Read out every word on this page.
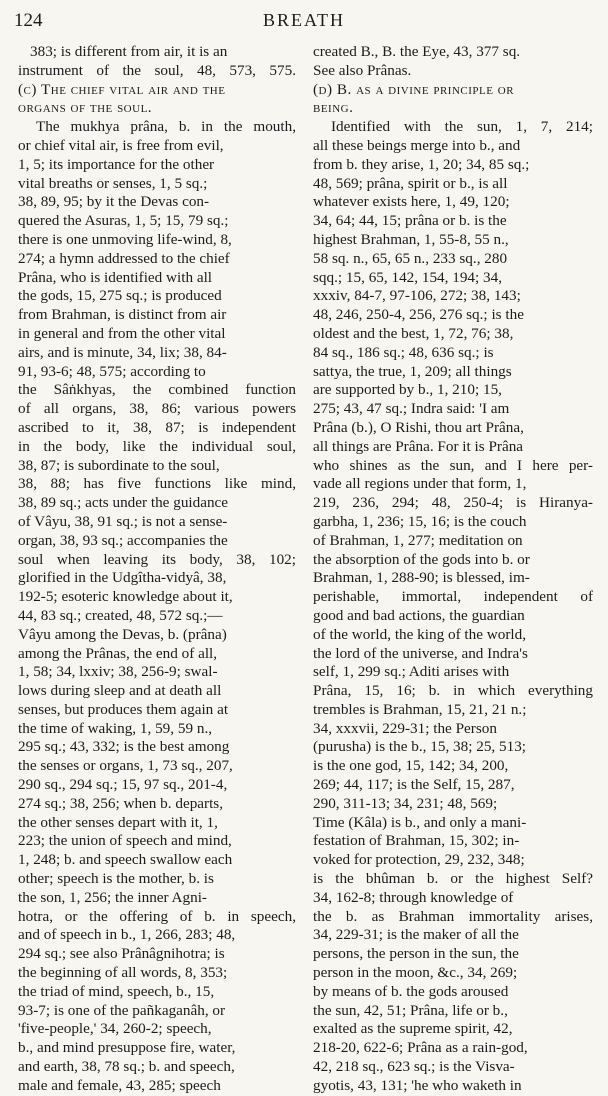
124	BREATH
383; is different from air, it is an
instrument of the soul, 48, 573, 575.
(c) The chief vital air and the
organs of the soul.
The mukhya prâna, b. in the mouth,
or chief vital air, is free from evil,
1, 5; its importance for the other
vital breaths or senses, 1, 5 sq.;
38, 89, 95; by it the Devas con-
quered the Asuras, 1, 5; 15, 79 sq.;
there is one unmoving life-wind, 8,
274; a hymn addressed to the chief
Prâna, who is identified with all
the gods, 15, 275 sq.; is produced
from Brahman, is distinct from air
in general and from the other vital
airs, and is minute, 34, lix; 38, 84-
91, 93-6; 48, 575; according to
the Sâṅkhyas, the combined function
of all organs, 38, 86; various powers
ascribed to it, 38, 87; is independent
in the body, like the individual soul,
38, 87; is subordinate to the soul,
38, 88; has five functions like mind,
38, 89 sq.; acts under the guidance
of Vâyu, 38, 91 sq.; is not a sense-
organ, 38, 93 sq.; accompanies the
soul when leaving its body, 38, 102;
glorified in the Udgîtha-vidyâ, 38,
192-5; esoteric knowledge about it,
44, 83 sq.; created, 48, 572 sq.;—
Vâyu among the Devas, b. (prâna)
among the Prânas, the end of all,
1, 58; 34, lxxiv; 38, 256-9; swal-
lows during sleep and at death all
senses, but produces them again at
the time of waking, 1, 59, 59 n.,
295 sq.; 43, 332; is the best among
the senses or organs, 1, 73 sq., 207,
290 sq., 294 sq.; 15, 97 sq., 201-4,
274 sq.; 38, 256; when b. departs,
the other senses depart with it, 1,
223; the union of speech and mind,
1, 248; b. and speech swallow each
other; speech is the mother, b. is
the son, 1, 256; the inner Agni-
hotra, or the offering of b. in speech,
and of speech in b., 1, 266, 283; 48,
294 sq.; see also Prânâgnihotra; is
the beginning of all words, 8, 353;
the triad of mind, speech, b., 15,
93-7; is one of the pañkaganâh, or
'five-people,' 34, 260-2; speech,
b., and mind presuppose fire, water,
and earth, 38, 78 sq.; b. and speech,
male and female, 43, 285; speech
created B., B. the Eye, 43, 377 sq.
See also Prânas.
(d) B. as a divine principle or
being.
Identified with the sun, 1, 7, 214;
all these beings merge into b., and
from b. they arise, 1, 20; 34, 85 sq.;
48, 569; prâna, spirit or b., is all
whatever exists here, 1, 49, 120;
34, 64; 44, 15; prâna or b. is the
highest Brahman, 1, 55-8, 55 n.,
58 sq. n., 65, 65 n., 233 sq., 280
sqq.; 15, 65, 142, 154, 194; 34,
xxxiv, 84-7, 97-106, 272; 38, 143;
48, 246, 250-4, 256, 276 sq.; is the
oldest and the best, 1, 72, 76; 38,
84 sq., 186 sq.; 48, 636 sq.; is
sattya, the true, 1, 209; all things
are supported by b., 1, 210; 15,
275; 43, 47 sq.; Indra said: 'I am
Prâna (b.), O Rishi, thou art Prâna,
all things are Prâna. For it is Prâna
who shines as the sun, and I here per-
vade all regions under that form, 1,
219, 236, 294; 48, 250-4; is Hiranya-
garbha, 1, 236; 15, 16; is the couch
of Brahman, 1, 277; meditation on
the absorption of the gods into b. or
Brahman, 1, 288-90; is blessed, im-
perishable, immortal, independent of
good and bad actions, the guardian
of the world, the king of the world,
the lord of the universe, and Indra's
self, 1, 299 sq.; Aditi arises with
Prâna, 15, 16; b. in which everything
trembles is Brahman, 15, 21, 21 n.;
34, xxxvii, 229-31; the Person
(purusha) is the b., 15, 38; 25, 513;
is the one god, 15, 142; 34, 200,
269; 44, 117; is the Self, 15, 287,
290, 311-13; 34, 231; 48, 569;
Time (Kâla) is b., and only a mani-
festation of Brahman, 15, 302; in-
voked for protection, 29, 232, 348;
is the bhûman b. or the highest Self?
34, 162-8; through knowledge of
the b. as Brahman immortality arises,
34, 229-31; is the maker of all the
persons, the person in the sun, the
person in the moon, &c., 34, 269;
by means of b. the gods aroused
the sun, 42, 51; Prâna, life or b.,
exalted as the supreme spirit, 42,
218-20, 622-6; Prâna as a rain-god,
42, 218 sq., 623 sq.; is the Visva-
gyotis, 43, 131; 'he who waketh in
